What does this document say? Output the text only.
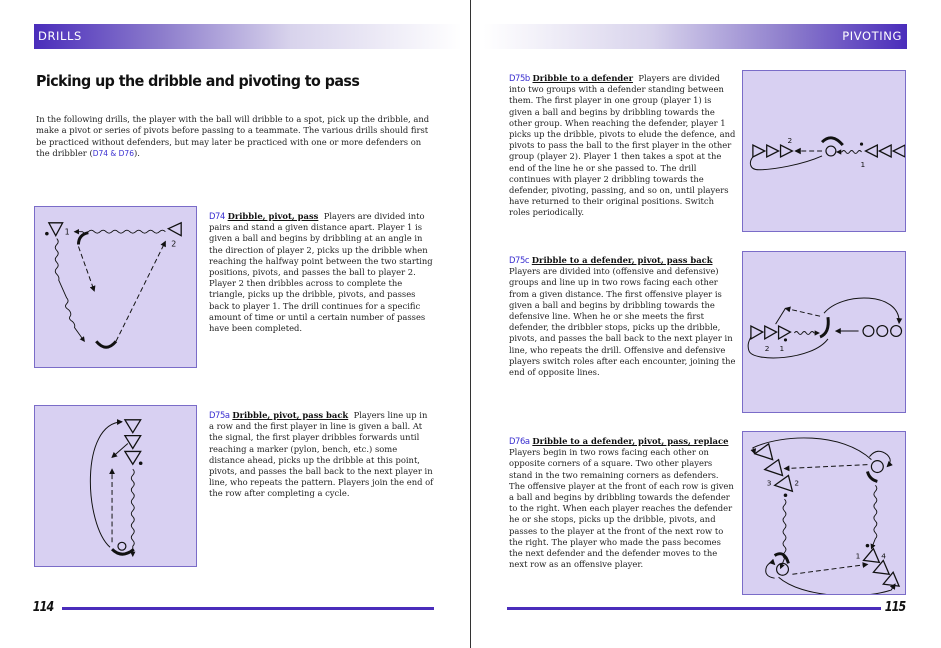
DRILLS
Picking up the dribble and pivoting to pass

In the following drills, the player with the ball will dribble to a spot, pick up the dribble, and make a pivot or series of pivots before passing to a teammate. The various drills should first be practiced without defenders, but may later be practiced with one or more defenders on the dribbler (D74 & D76).

1
2
D74 Dribble, pivot, pass Players are divided into pairs and stand a given distance apart. Player 1 is given a ball and begins by dribbling at an angle in the direction of player 2, picks up the dribble when reaching the halfway point between the two starting positions, pivots, and passes the ball to player 2. Player 2 then dribbles across to complete the triangle, picks up the dribble, pivots, and passes back to player 1. The drill continues for a specific amount of time or until a certain number of passes have been completed.
D75a Dribble, pivot, pass back Players line up in a row and the first player in line is given a ball. At the signal, the first player dribbles forwards until reaching a marker (pylon, bench, etc.) some distance ahead, picks up the dribble at this point, pivots, and passes the ball back to the next player in line, who repeats the pattern. Players join the end of the row after completing a cycle.
114
PIVOTING
D75b Dribble to a defender Players are divided into two groups with a defender standing between them. The first player in one group (player 1) is given a ball and begins by dribbling towards the other group. When reaching the defender, player 1 picks up the dribble, pivots to elude the defence, and pivots to pass the ball to the first player in the other group (player 2). Player 1 then takes a spot at the end of the line he or she passed to. The drill continues with player 2 dribbling towards the defender, pivoting, passing, and so on, until players have returned to their original positions. Switch roles periodically.
2
1
D75c Dribble to a defender, pivot, pass back  Players are divided into (offensive and defensive) groups and line up in two rows facing each other from a given distance. The first offensive player is given a ball and begins by dribbling towards the defensive line. When he or she meets the first defender, the dribbler stops, picks up the dribble, pivots, and passes the ball back to the next player in line, who repeats the drill. Offensive and defensive players switch roles after each encounter, joining the end of opposite lines.
2 1
D76a Dribble to a defender, pivot, pass, replace  Players begin in two rows facing each other on opposite corners of a square. Two other players stand in the two remaining corners as defenders. The offensive player at the front of each row is given a ball and begins by dribbling towards the defender to the right. When each player reaches the defender he or she stops, picks up the dribble, pivots, and passes to the player at the front of the next row to the right. The player who made the pass becomes the next defender and the defender moves to the next row as an offensive player.
3	2
1	4
115
